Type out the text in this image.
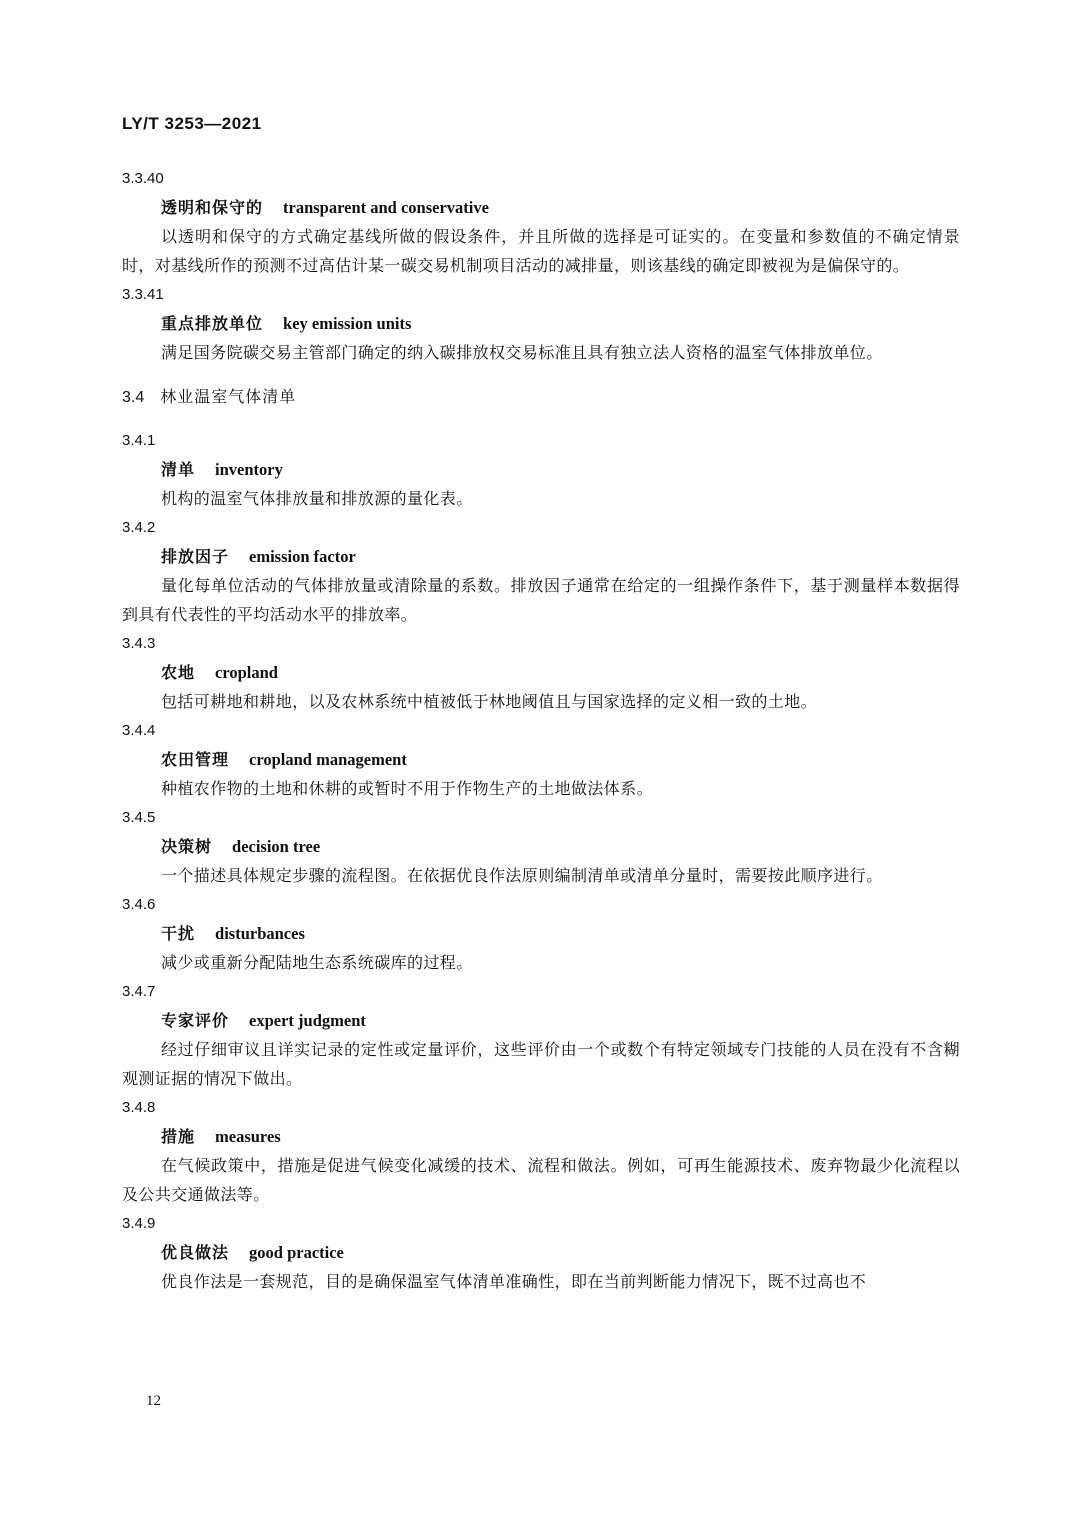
LY/T 3253—2021
3.3.40
透明和保守的 transparent and conservative
以透明和保守的方式确定基线所做的假设条件，并且所做的选择是可证实的。在变量和参数值的不确定情景时，对基线所作的预测不过高估计某一碳交易机制项目活动的减排量，则该基线的确定即被视为是偏保守的。
3.3.41
重点排放单位 key emission units
满足国务院碳交易主管部门确定的纳入碳排放权交易标准且具有独立法人资格的温室气体排放单位。
3.4 林业温室气体清单
3.4.1
清单 inventory
机构的温室气体排放量和排放源的量化表。
3.4.2
排放因子 emission factor
量化每单位活动的气体排放量或清除量的系数。排放因子通常在给定的一组操作条件下，基于测量样本数据得到具有代表性的平均活动水平的排放率。
3.4.3
农地 cropland
包括可耕地和耕地，以及农林系统中植被低于林地阈值且与国家选择的定义相一致的土地。
3.4.4
农田管理 cropland management
种植农作物的土地和休耕的或暂时不用于作物生产的土地做法体系。
3.4.5
决策树 decision tree
一个描述具体规定步骤的流程图。在依据优良作法原则编制清单或清单分量时，需要按此顺序进行。
3.4.6
干扰 disturbances
减少或重新分配陆地生态系统碳库的过程。
3.4.7
专家评价 expert judgment
经过仔细审议且详实记录的定性或定量评价，这些评价由一个或数个有特定领域专门技能的人员在没有不含糊观测证据的情况下做出。
3.4.8
措施 measures
在气候政策中，措施是促进气候变化减缓的技术、流程和做法。例如，可再生能源技术、废弃物最少化流程以及公共交通做法等。
3.4.9
优良做法 good practice
优良作法是一套规范，目的是确保温室气体清单准确性，即在当前判断能力情况下，既不过高也不
12
